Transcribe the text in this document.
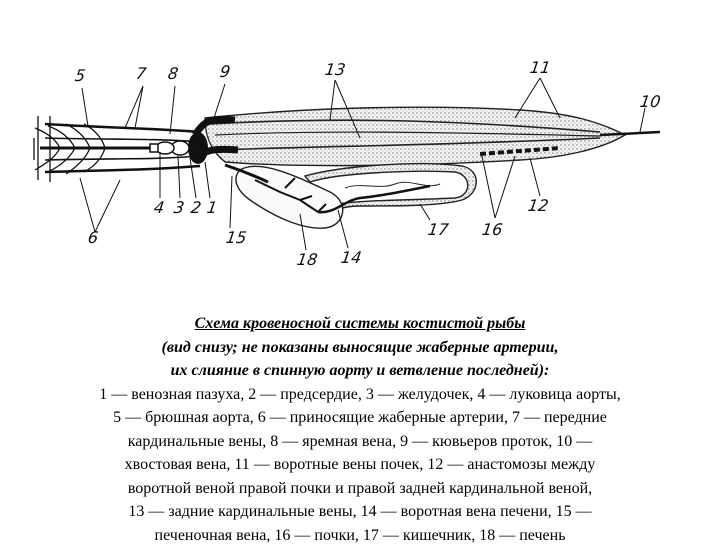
5	7 8 9	13	11
10
12
16
17
14
18
15
1
2
3
4
6
Схема кровеносной системы костистой рыбы
(вид снизу; не показаны выносящие жаберные артерии,
их слияние в спинную аорту и ветвление последней):
1 — венозная пазуха, 2 — предсердие, 3 — желудочек, 4 — луковица аорты,
5 — брюшная аорта, 6 — приносящие жаберные артерии, 7 — передние
кардинальные вены, 8 — яремная вена, 9 — кювьеров проток, 10 —
хвостовая вена, 11 — воротные вены почек, 12 — анастомозы между
воротной веной правой почки и правой задней кардинальной веной,
13 — задние кардинальные вены, 14 — воротная вена печени, 15 —
печеночная вена, 16 — почки, 17 — кишечник, 18 — печень
